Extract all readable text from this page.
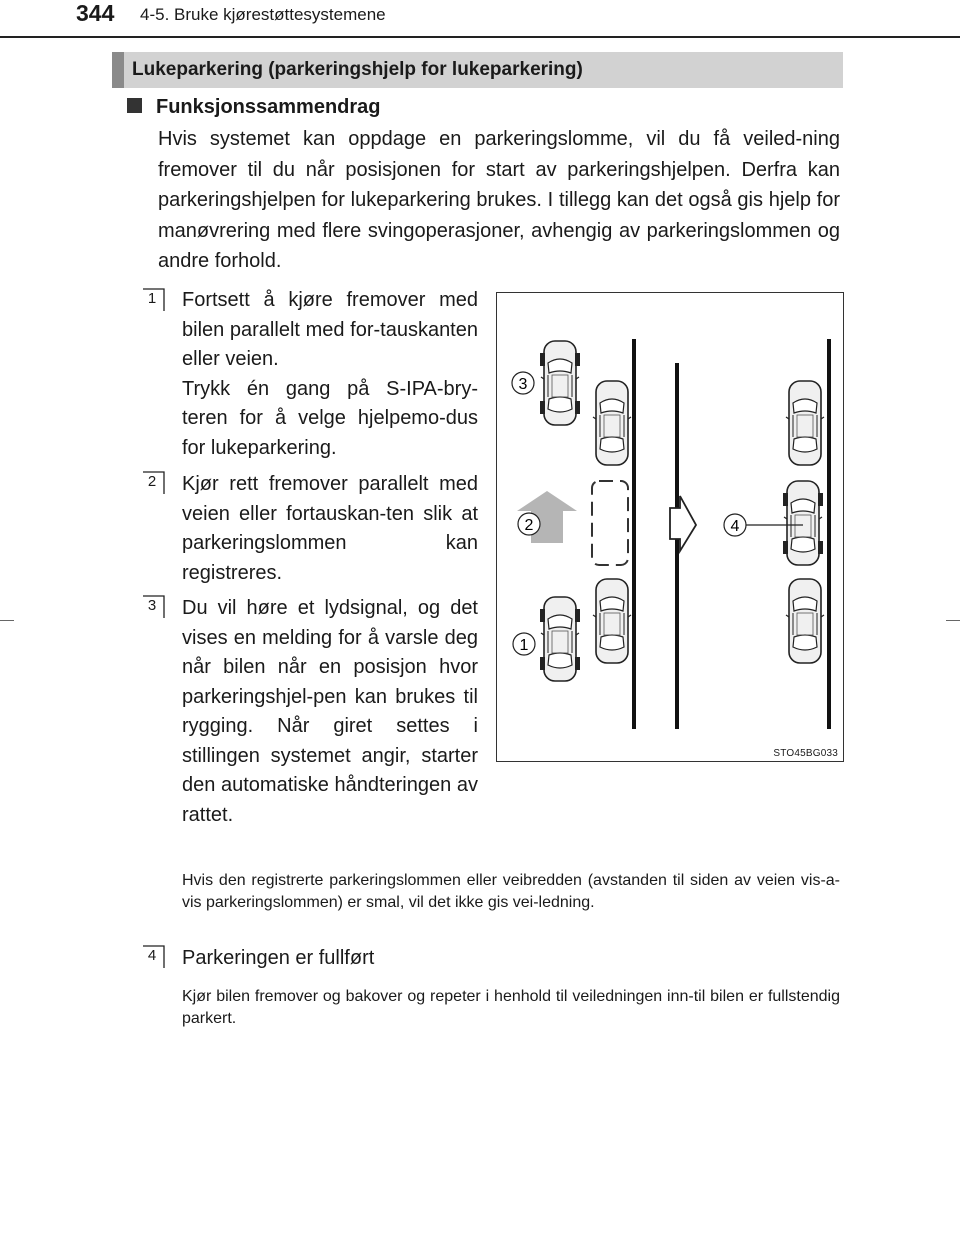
344 4-5. Bruke kjørestøttesystemene
Lukeparkering (parkeringshjelp for lukeparkering)
Funksjonssammendrag
Hvis systemet kan oppdage en parkeringslomme, vil du få veiled-ning fremover til du når posisjonen for start av parkeringshjelpen. Derfra kan parkeringshjelpen for lukeparkering brukes. I tillegg kan det også gis hjelp for manøvrering med flere svingoperasjoner, avhengig av parkeringslommen og andre forhold.
1 Fortsett å kjøre fremover med bilen parallelt med for-tauskanten eller veien.

Trykk én gang på S-IPA-bry-teren for å velge hjelpemo-dus for lukeparkering.

2 Kjør rett fremover parallelt med veien eller fortauskan-ten slik at parkeringslommen kan registreres.

3 Du vil høre et lydsignal, og det vises en melding for å varsle deg når bilen når en posisjon hvor parkeringshjel-pen kan brukes til rygging. Når giret settes i stillingen systemet angir, starter den automatiske håndteringen av rattet.

Hvis den registrerte parkeringslommen eller veibredden (avstanden til siden av veien vis-a-vis parkeringslommen) er smal, vil det ikke gis vei-ledning.
4 Parkeringen er fullført

Kjør bilen fremover og bakover og repeter i henhold til veiledningen inn-til bilen er fullstendig parkert.
3
2	4
1
STO45BG033
